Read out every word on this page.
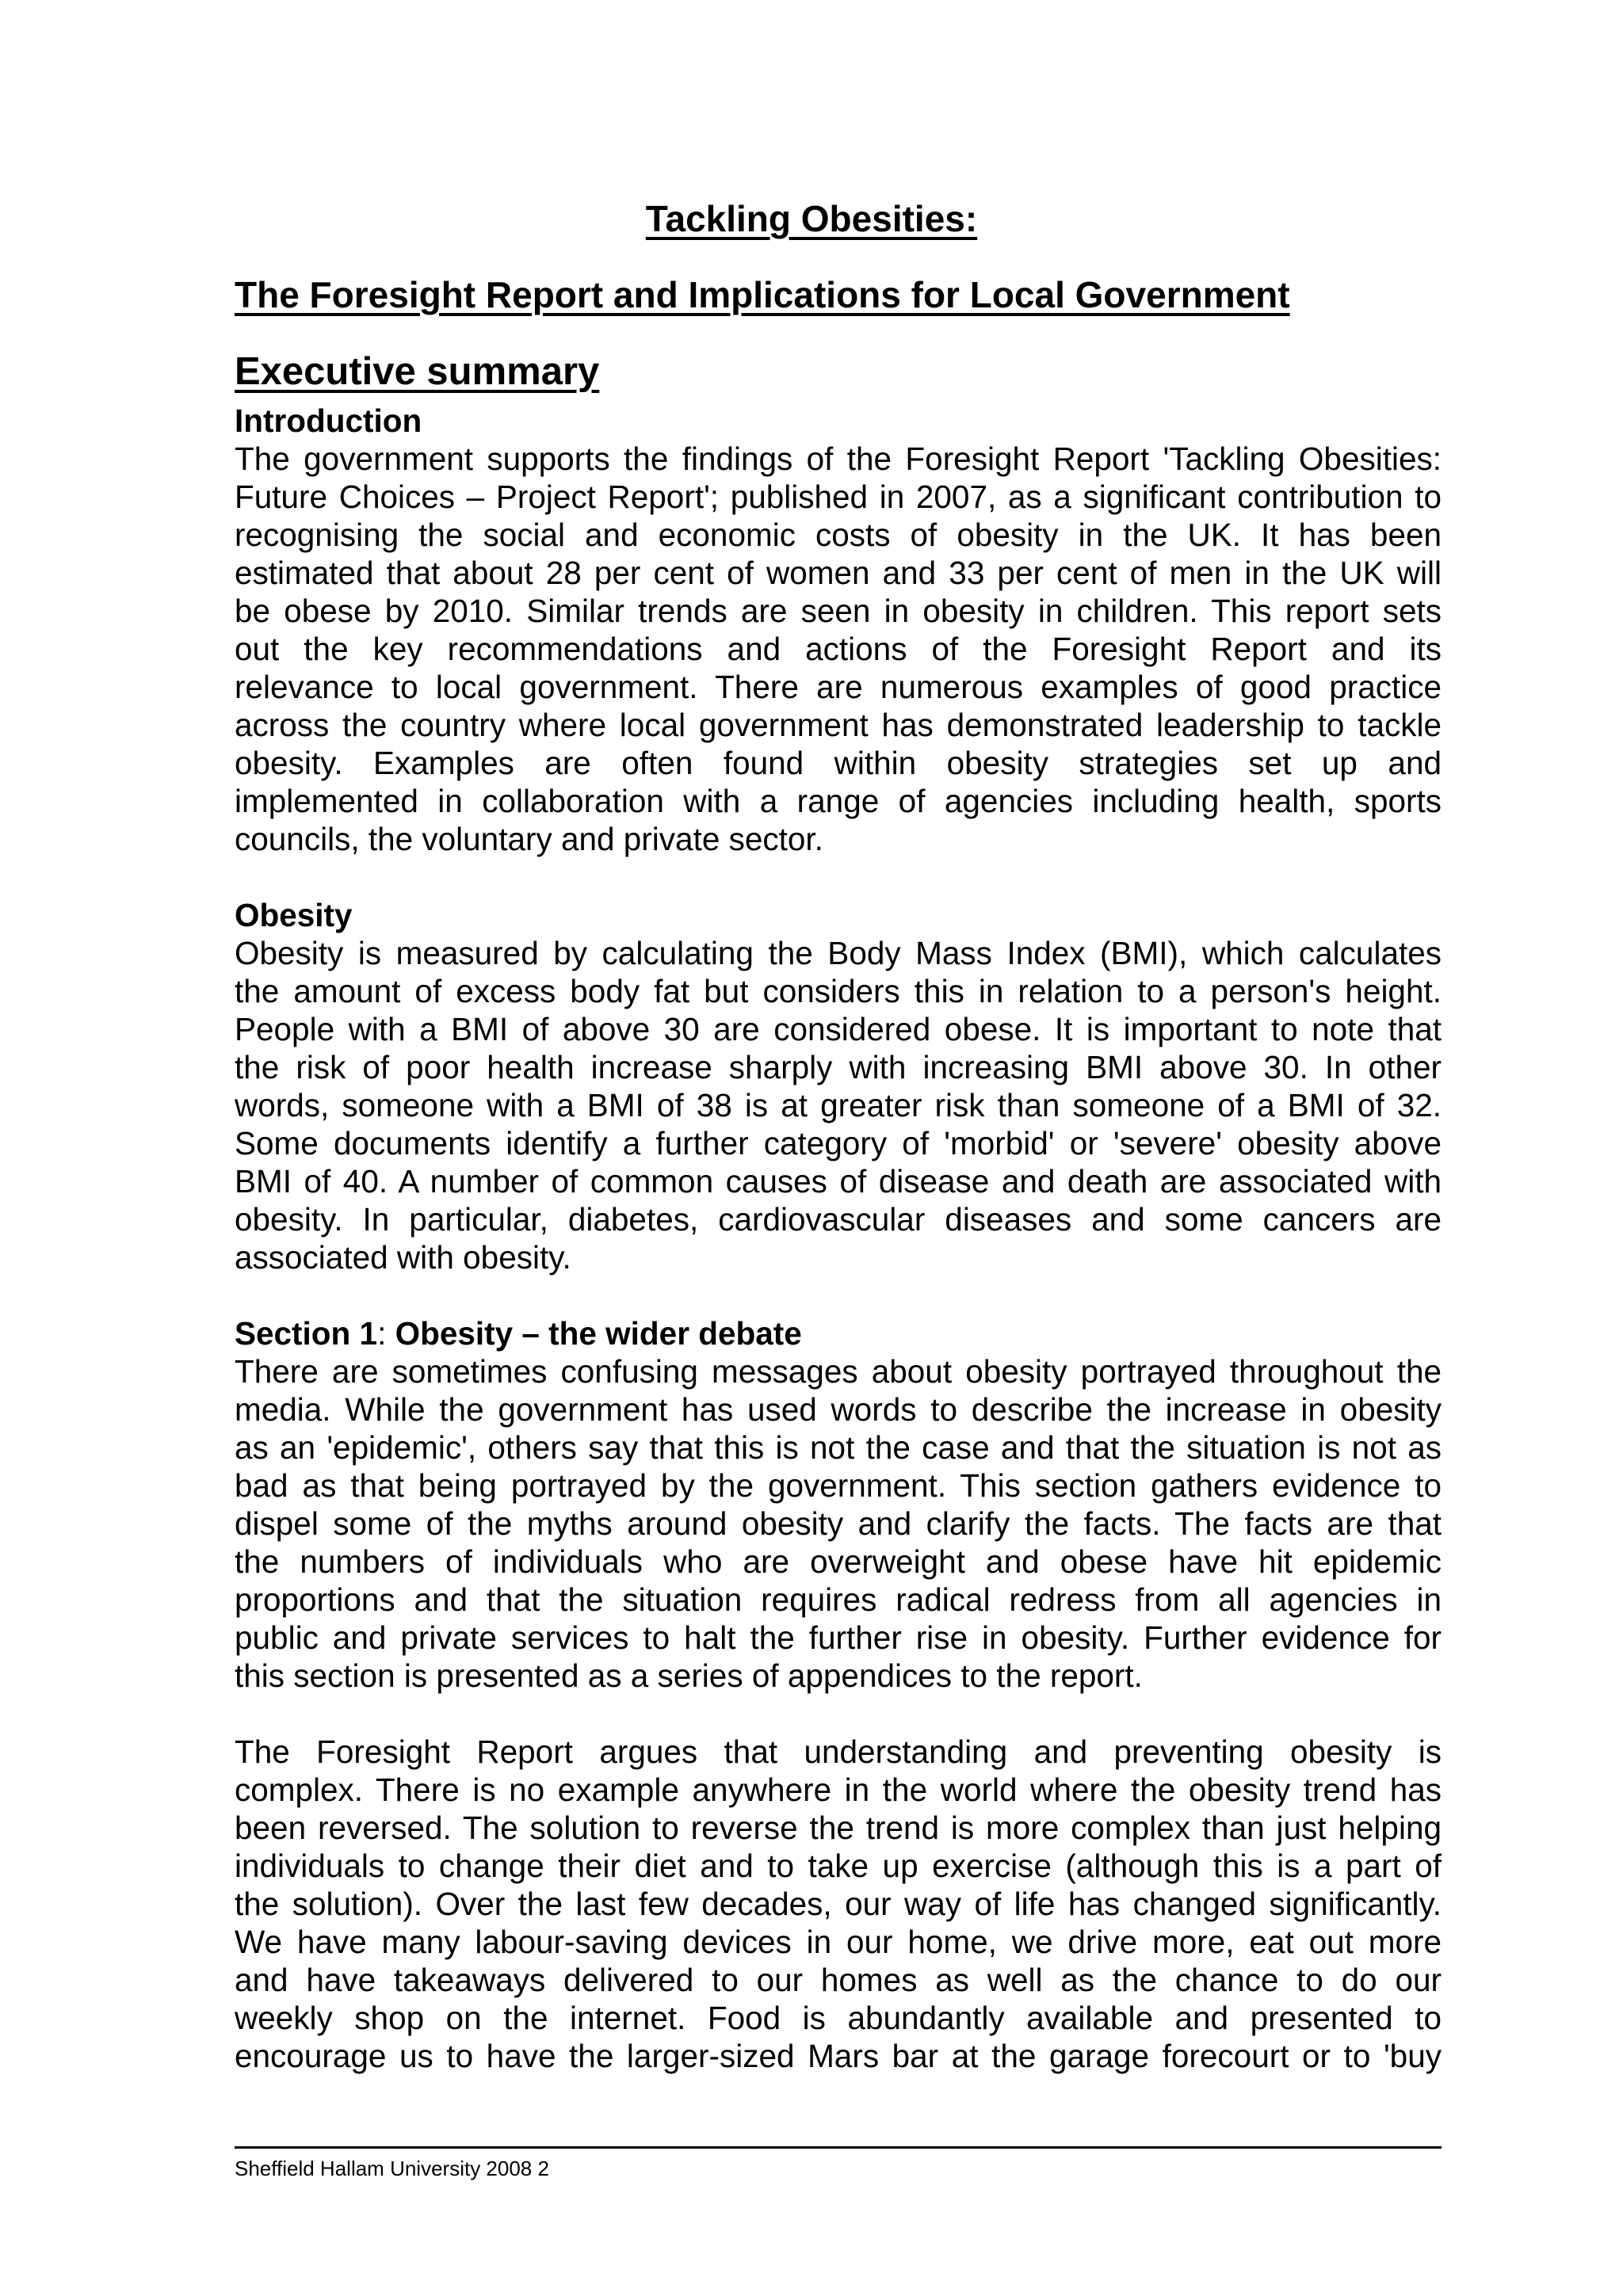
Tackling Obesities:
The Foresight Report and Implications for Local Government
Executive summary
Introduction
The government supports the findings of the Foresight Report 'Tackling Obesities:
Future Choices – Project Report'; published in 2007, as a significant contribution to
recognising the social and economic costs of obesity in the UK. It has been
estimated that about 28 per cent of women and 33 per cent of men in the UK will
be obese by 2010. Similar trends are seen in obesity in children. This report sets
out the key recommendations and actions of the Foresight Report and its
relevance to local government. There are numerous examples of good practice
across the country where local government has demonstrated leadership to tackle
obesity. Examples are often found within obesity strategies set up and
implemented in collaboration with a range of agencies including health, sports
councils, the voluntary and private sector.
Obesity
Obesity is measured by calculating the Body Mass Index (BMI), which calculates
the amount of excess body fat but considers this in relation to a person's height.
People with a BMI of above 30 are considered obese. It is important to note that
the risk of poor health increase sharply with increasing BMI above 30. In other
words, someone with a BMI of 38 is at greater risk than someone of a BMI of 32.
Some documents identify a further category of 'morbid' or 'severe' obesity above
BMI of 40. A number of common causes of disease and death are associated with
obesity. In particular, diabetes, cardiovascular diseases and some cancers are
associated with obesity.
Section 1: Obesity – the wider debate
There are sometimes confusing messages about obesity portrayed throughout the
media. While the government has used words to describe the increase in obesity
as an 'epidemic', others say that this is not the case and that the situation is not as
bad as that being portrayed by the government. This section gathers evidence to
dispel some of the myths around obesity and clarify the facts. The facts are that
the numbers of individuals who are overweight and obese have hit epidemic
proportions and that the situation requires radical redress from all agencies in
public and private services to halt the further rise in obesity. Further evidence for
this section is presented as a series of appendices to the report.
The Foresight Report argues that understanding and preventing obesity is
complex. There is no example anywhere in the world where the obesity trend has
been reversed. The solution to reverse the trend is more complex than just helping
individuals to change their diet and to take up exercise (although this is a part of
the solution). Over the last few decades, our way of life has changed significantly.
We have many labour-saving devices in our home, we drive more, eat out more
and have takeaways delivered to our homes as well as the chance to do our
weekly shop on the internet. Food is abundantly available and presented to
encourage us to have the larger-sized Mars bar at the garage forecourt or to 'buy
Sheffield Hallam University 2008 2
